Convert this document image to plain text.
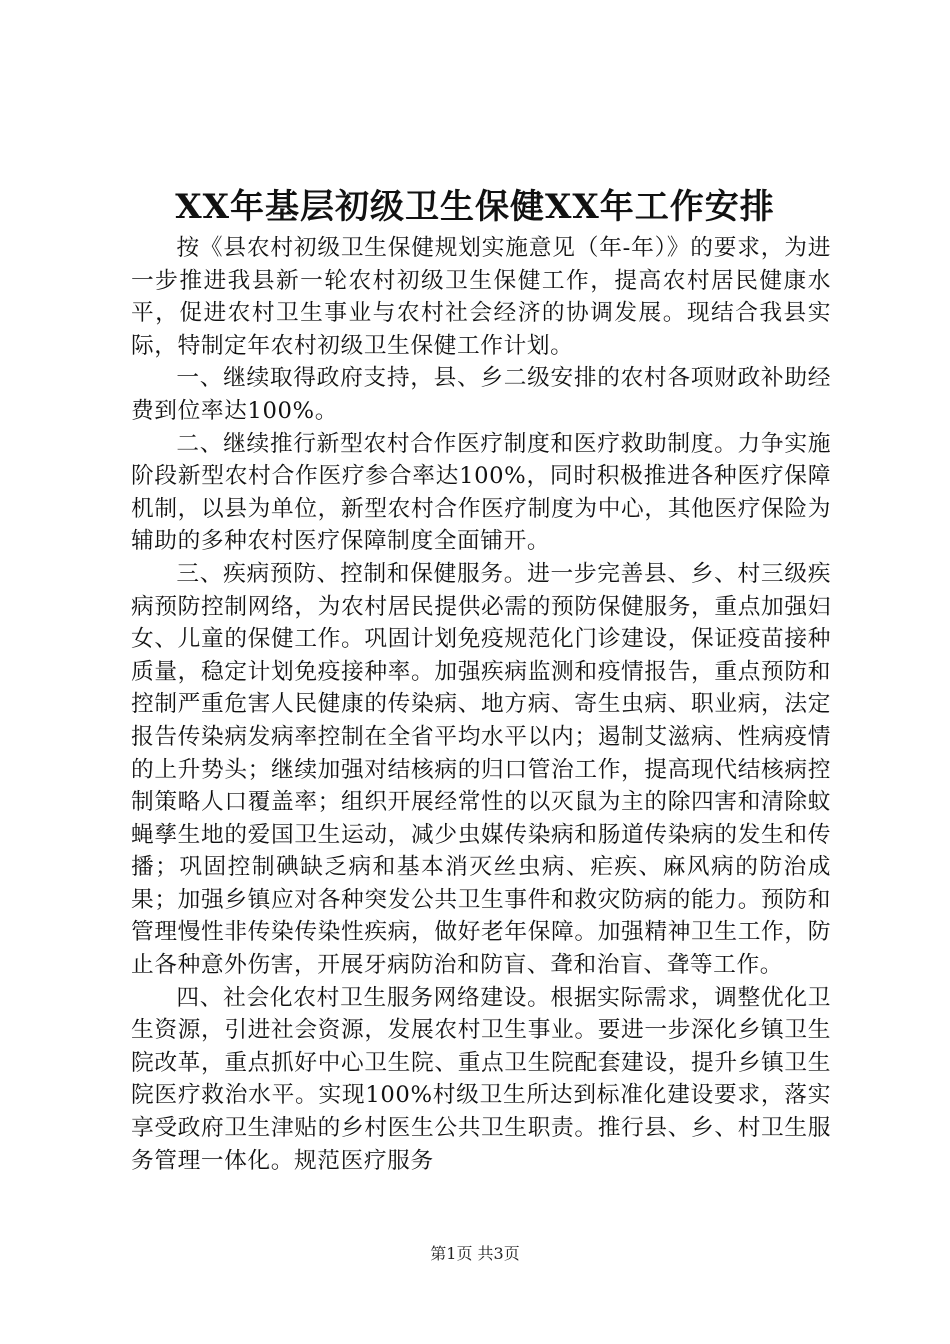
XX年基层初级卫生保健XX年工作安排

按《县农村初级卫生保健规划实施意见（年-年）》的要求，为进一步推进我县新一轮农村初级卫生保健工作，提高农村居民健康水平，促进农村卫生事业与农村社会经济的协调发展。现结合我县实际，特制定年农村初级卫生保健工作计划。

一、继续取得政府支持，县、乡二级安排的农村各项财政补助经费到位率达100%。

二、继续推行新型农村合作医疗制度和医疗救助制度。力争实施阶段新型农村合作医疗参合率达100%，同时积极推进各种医疗保障机制，以县为单位，新型农村合作医疗制度为中心，其他医疗保险为辅助的多种农村医疗保障制度全面铺开。

三、疾病预防、控制和保健服务。进一步完善县、乡、村三级疾病预防控制网络，为农村居民提供必需的预防保健服务，重点加强妇女、儿童的保健工作。巩固计划免疫规范化门诊建设，保证疫苗接种质量，稳定计划免疫接种率。加强疾病监测和疫情报告，重点预防和控制严重危害人民健康的传染病、地方病、寄生虫病、职业病，法定报告传染病发病率控制在全省平均水平以内；遏制艾滋病、性病疫情的上升势头；继续加强对结核病的归口管治工作，提高现代结核病控制策略人口覆盖率；组织开展经常性的以灭鼠为主的除四害和清除蚊蝇孳生地的爱国卫生运动，减少虫媒传染病和肠道传染病的发生和传播；巩固控制碘缺乏病和基本消灭丝虫病、疟疾、麻风病的防治成果；加强乡镇应对各种突发公共卫生事件和救灾防病的能力。预防和管理慢性非传染传染性疾病，做好老年保障。加强精神卫生工作，防止各种意外伤害，开展牙病防治和防盲、聋和治盲、聋等工作。

四、社会化农村卫生服务网络建设。根据实际需求，调整优化卫生资源，引进社会资源，发展农村卫生事业。要进一步深化乡镇卫生院改革，重点抓好中心卫生院、重点卫生院配套建设，提升乡镇卫生院医疗救治水平。实现100%村级卫生所达到标准化建设要求，落实享受政府卫生津贴的乡村医生公共卫生职责。推行县、乡、村卫生服务管理一体化。规范医疗服务

第1页 共3页
